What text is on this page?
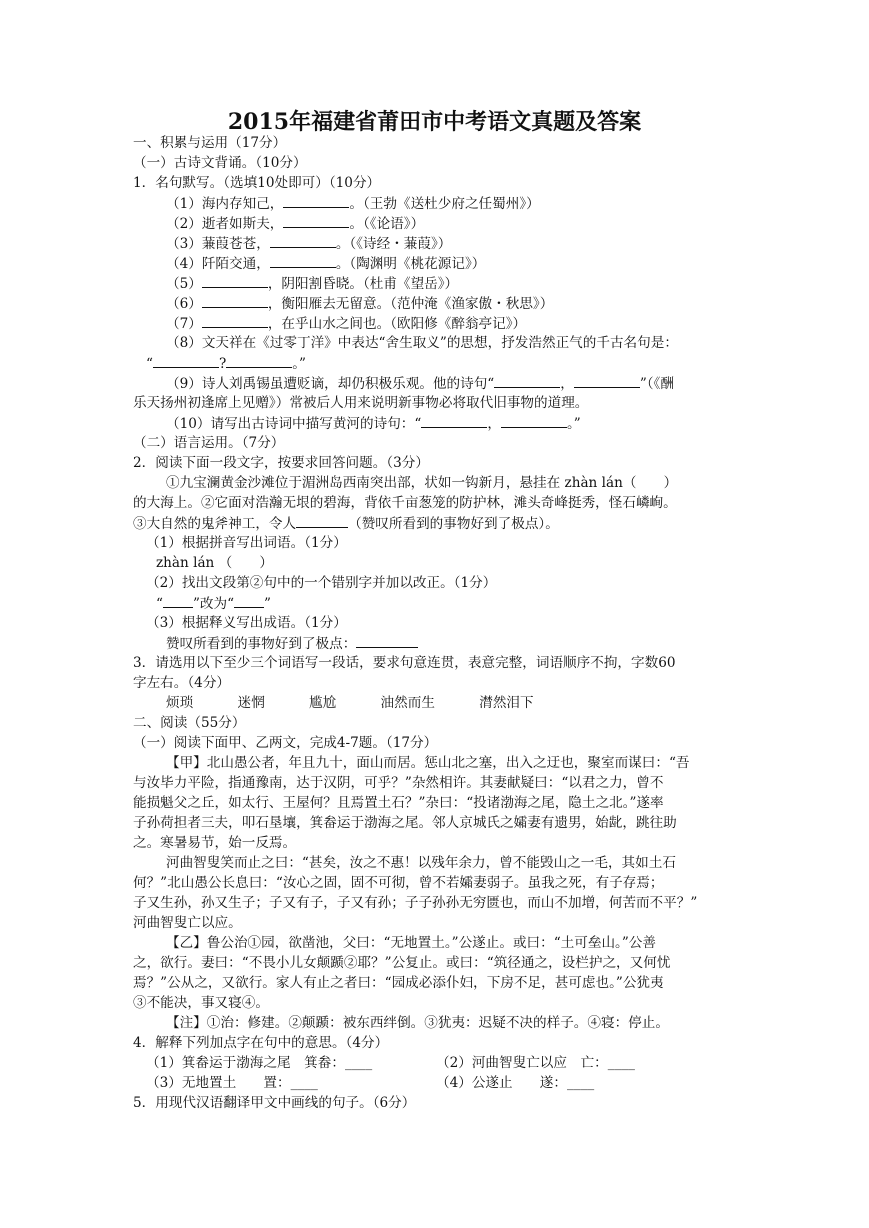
2015年福建省莆田市中考语文真题及答案
一、积累与运用（17分）
（一）古诗文背诵。（10分）
1．名句默写。（选填10处即可）（10分）
（1）海内存知己，	。（王勃《送杜少府之任蜀州》）
（2）逝者如斯夫，	。（《论语》）
（3）蒹葭苍苍，	。（《诗经・蒹葭》）
（4）阡陌交通，	。（陶渊明《桃花源记》）
（5）	，阴阳割昏晓。（杜甫《望岳》）
（6）	，衡阳雁去无留意。（范仲淹《渔家傲・秋思》）
（7）	，在乎山水之间也。（欧阳修《醉翁亭记》）
（8）文天祥在《过零丁洋》中表达“舍生取义”的思想，抒发浩然正气的千古名句是：
“	?	。”
（9）诗人刘禹锡虽遭贬谪，却仍积极乐观。他的诗句“	，	”（《酬
乐天扬州初逢席上见赠》）常被后人用来说明新事物必将取代旧事物的道理。
（10）请写出古诗词中描写黄河的诗句：“	，	。”
（二）语言运用。（7分）
2．阅读下面一段文字，按要求回答问题。（3分）
①九宝澜黄金沙滩位于湄洲岛西南突出部，状如一钩新月，悬挂在 zhàn lán（　　）
的大海上。②它面对浩瀚无垠的碧海，背依千亩葱笼的防护林，滩头奇峰挺秀，怪石嶙峋。
③大自然的鬼斧神工，令人	（赞叹所看到的事物好到了极点）。
（1）根据拼音写出词语。（1分）
zhàn lán （　　）
（2）找出文段第②句中的一个错别字并加以改正。（1分）
“ ”改为“ ”
（3）根据释义写出成语。（1分）
赞叹所看到的事物好到了极点：
3．请选用以下至少三个词语写一段话，要求句意连贯，表意完整，词语顺序不拘，字数60
字左右。（4分）
烦琐	迷惘	尴尬	油然而生	潸然泪下
二、阅读（55分）
（一）阅读下面甲、乙两文，完成4-7题。（17分）
【甲】北山愚公者，年且九十，面山而居。惩山北之塞，出入之迂也，聚室而谋曰：“吾
与汝毕力平险，指通豫南，达于汉阴，可乎？”杂然相许。其妻献疑曰：“以君之力，曾不
能损魁父之丘，如太行、王屋何？且焉置土石？”杂曰：“投诸渤海之尾，隐土之北。”遂率
子孙荷担者三夫，叩石垦壤，箕畚运于渤海之尾。邻人京城氏之孀妻有遗男，始龀，跳往助
之。寒暑易节，始一反焉。
河曲智叟笑而止之曰：“甚矣，汝之不惠！以残年余力，曾不能毁山之一毛，其如土石
何？”北山愚公长息曰：“汝心之固，固不可彻，曾不若孀妻弱子。虽我之死，有子存焉；
子又生孙，孙又生子；子又有子，子又有孙；子子孙孙无穷匮也，而山不加增，何苦而不平？”
河曲智叟亡以应。
【乙】鲁公治①园，欲凿池，父曰：“无地置土。”公遂止。或曰：“土可垒山。”公善
之，欲行。妻曰：“不畏小儿女颠踬②耶？”公复止。或曰：“筑径通之，设栏护之，又何忧
焉？”公从之，又欲行。家人有止之者曰：“园成必添仆妇，下房不足，甚可虑也。”公犹夷
③不能决，事又寝④。
【注】①治：修建。②颠踬：被东西绊倒。③犹夷：迟疑不决的样子。④寝：停止。
4．解释下列加点字在句中的意思。（4分）
（1）箕畚运于渤海之尾　箕畚：____	（2）河曲智叟亡以应　亡：____
（3）无地置土　　置：____	（4）公遂止　　遂：____
5．用现代汉语翻译甲文中画线的句子。（6分）
